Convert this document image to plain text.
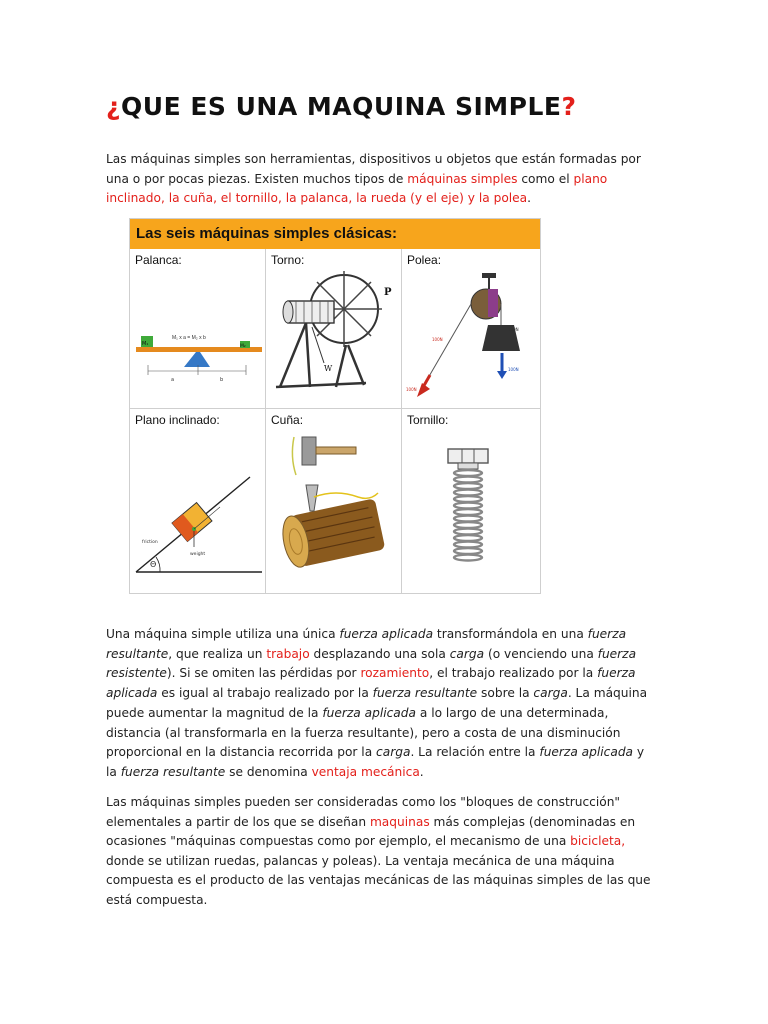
¿QUE ES UNA MAQUINA SIMPLE?
Las máquinas simples son herramientas, dispositivos u objetos que están formadas por una o por pocas piezas. Existen muchos tipos de máquinas simples como el plano inclinado, la cuña, el tornillo, la palanca, la rueda (y el eje) y la polea.
Las seis máquinas simples clásicas:
Palanca:
M₁ x a = M₂ x b
M₁	M₂
a	b
Torno:
P
W
Polea:
100N
100N
100N
100N
Plano inclinado:
Θ
friction
weight
Cuña:	Tornillo:
Una máquina simple utiliza una única fuerza aplicada transformándola en una fuerza resultante, que realiza un trabajo desplazando una sola carga (o venciendo una fuerza resistente). Si se omiten las pérdidas por rozamiento, el trabajo realizado por la fuerza aplicada es igual al trabajo realizado por la fuerza resultante sobre la carga. La máquina puede aumentar la magnitud de la fuerza aplicada a lo largo de una determinada, distancia (al transformarla en la fuerza resultante), pero a costa de una disminución proporcional en la distancia recorrida por la carga. La relación entre la fuerza aplicada y la fuerza resultante se denomina ventaja mecánica.
Las máquinas simples pueden ser consideradas como los "bloques de construcción" elementales a partir de los que se diseñan maquinas más complejas (denominadas en ocasiones "máquinas compuestas como por ejemplo, el mecanismo de una bicicleta, donde se utilizan ruedas, palancas y poleas). La ventaja mecánica de una máquina compuesta es el producto de las ventajas mecánicas de las máquinas simples de las que está compuesta.
